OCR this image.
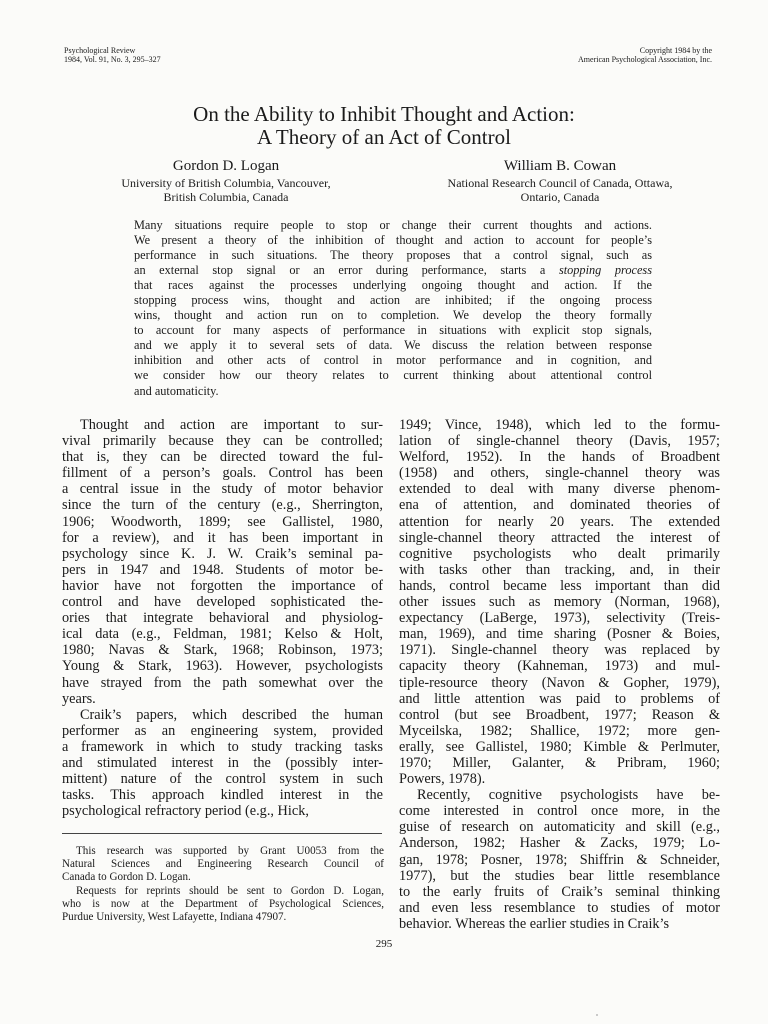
Psychological Review
1984, Vol. 91, No. 3, 295–327
Copyright 1984 by the
American Psychological Association, Inc.
On the Ability to Inhibit Thought and Action:
A Theory of an Act of Control
Gordon D. Logan
University of British Columbia, Vancouver,
British Columbia, Canada
William B. Cowan
National Research Council of Canada, Ottawa,
Ontario, Canada
Many situations require people to stop or change their current thoughts and actions.
We present a theory of the inhibition of thought and action to account for people’s
performance in such situations. The theory proposes that a control signal, such as
an external stop signal or an error during performance, starts a stopping process
that races against the processes underlying ongoing thought and action. If the
stopping process wins, thought and action are inhibited; if the ongoing process
wins, thought and action run on to completion. We develop the theory formally
to account for many aspects of performance in situations with explicit stop signals,
and we apply it to several sets of data. We discuss the relation between response
inhibition and other acts of control in motor performance and in cognition, and
we consider how our theory relates to current thinking about attentional control
and automaticity.
Thought and action are important to sur-
vival primarily because they can be controlled;
that is, they can be directed toward the ful-
fillment of a person’s goals. Control has been
a central issue in the study of motor behavior
since the turn of the century (e.g., Sherrington,
1906; Woodworth, 1899; see Gallistel, 1980,
for a review), and it has been important in
psychology since K. J. W. Craik’s seminal pa-
pers in 1947 and 1948. Students of motor be-
havior have not forgotten the importance of
control and have developed sophisticated the-
ories that integrate behavioral and physiolog-
ical data (e.g., Feldman, 1981; Kelso & Holt,
1980; Navas & Stark, 1968; Robinson, 1973;
Young & Stark, 1963). However, psychologists
have strayed from the path somewhat over the
years.
Craik’s papers, which described the human
performer as an engineering system, provided
a framework in which to study tracking tasks
and stimulated interest in the (possibly inter-
mittent) nature of the control system in such
tasks. This approach kindled interest in the
psychological refractory period (e.g., Hick,
1949; Vince, 1948), which led to the formu-
lation of single-channel theory (Davis, 1957;
Welford, 1952). In the hands of Broadbent
(1958) and others, single-channel theory was
extended to deal with many diverse phenom-
ena of attention, and dominated theories of
attention for nearly 20 years. The extended
single-channel theory attracted the interest of
cognitive psychologists who dealt primarily
with tasks other than tracking, and, in their
hands, control became less important than did
other issues such as memory (Norman, 1968),
expectancy (LaBerge, 1973), selectivity (Treis-
man, 1969), and time sharing (Posner & Boies,
1971). Single-channel theory was replaced by
capacity theory (Kahneman, 1973) and mul-
tiple-resource theory (Navon & Gopher, 1979),
and little attention was paid to problems of
control (but see Broadbent, 1977; Reason &
Myceilska, 1982; Shallice, 1972; more gen-
erally, see Gallistel, 1980; Kimble & Perlmuter,
1970; Miller, Galanter, & Pribram, 1960;
Powers, 1978).
Recently, cognitive psychologists have be-
come interested in control once more, in the
guise of research on automaticity and skill (e.g.,
Anderson, 1982; Hasher & Zacks, 1979; Lo-
gan, 1978; Posner, 1978; Shiffrin & Schneider,
1977), but the studies bear little resemblance
to the early fruits of Craik’s seminal thinking
and even less resemblance to studies of motor
behavior. Whereas the earlier studies in Craik’s
This research was supported by Grant U0053 from the
Natural Sciences and Engineering Research Council of
Canada to Gordon D. Logan.
Requests for reprints should be sent to Gordon D. Logan,
who is now at the Department of Psychological Sciences,
Purdue University, West Lafayette, Indiana 47907.
295
